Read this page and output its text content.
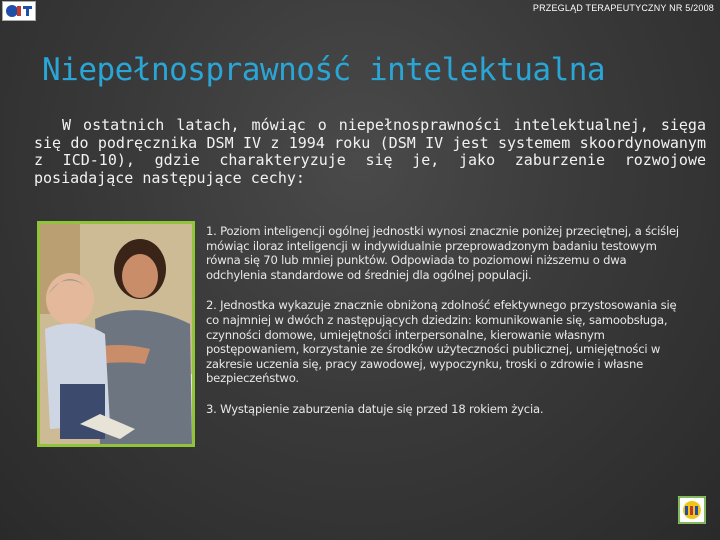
PRZEGLĄD TERAPEUTYCZNY NR 5/2008
Niepełnosprawność intelektualna

W ostatnich latach, mówiąc o niepełnosprawności intelektualnej, sięga się do podręcznika DSM IV z 1994 roku (DSM IV jest systemem skoordynowanym z ICD-10), gdzie charakteryzuje się je, jako zaburzenie rozwojowe posiadające następujące cechy:

1. Poziom inteligencji ogólnej jednostki wynosi znacznie poniżej przeciętnej, a ściślej mówiąc iloraz inteligencji w indywidualnie przeprowadzonym badaniu testowym równa się 70 lub mniej punktów. Odpowiada to poziomowi niższemu o dwa odchylenia standardowe od średniej dla ogólnej populacji.

2. Jednostka wykazuje znacznie obniżoną zdolność efektywnego przystosowania się co najmniej w dwóch z następujących dziedzin: komunikowanie się, samoobsługa, czynności domowe, umiejętności interpersonalne, kierowanie własnym postępowaniem, korzystanie ze środków użyteczności publicznej, umiejętności w zakresie uczenia się, pracy zawodowej, wypoczynku, troski o zdrowie i własne bezpieczeństwo.

3. Wystąpienie zaburzenia datuje się przed 18 rokiem życia.
